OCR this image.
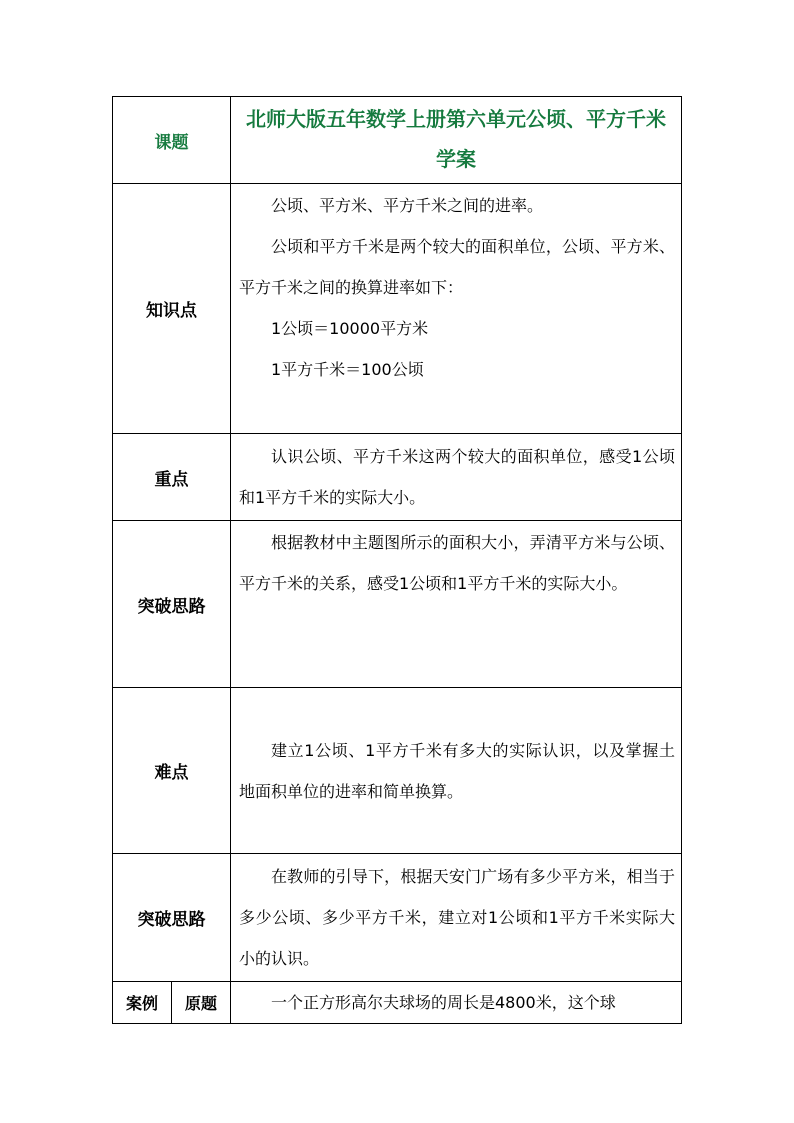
课题		北师大版五年数学上册第六单元公顷、平方千米学案
知识点		公顷、平方米、平方千米之间的进率。

公顷和平方千米是两个较大的面积单位，公顷、平方米、平方千米之间的换算进率如下：

1公顷＝10000平方米

1平方千米＝100公顷

重点		认识公顷、平方千米这两个较大的面积单位，感受1公顷和1平方千米的实际大小。

突破思路		根据教材中主题图所示的面积大小，弄清平方米与公顷、平方千米的关系，感受1公顷和1平方千米的实际大小。

难点		建立1公顷、1平方千米有多大的实际认识，以及掌握土地面积单位的进率和简单换算。

突破思路		在教师的引导下，根据天安门广场有多少平方米，相当于多少公顷、多少平方千米，建立对1公顷和1平方千米实际大小的认识。

案例	原题	一个正方形高尔夫球场的周长是4800米，这个球
